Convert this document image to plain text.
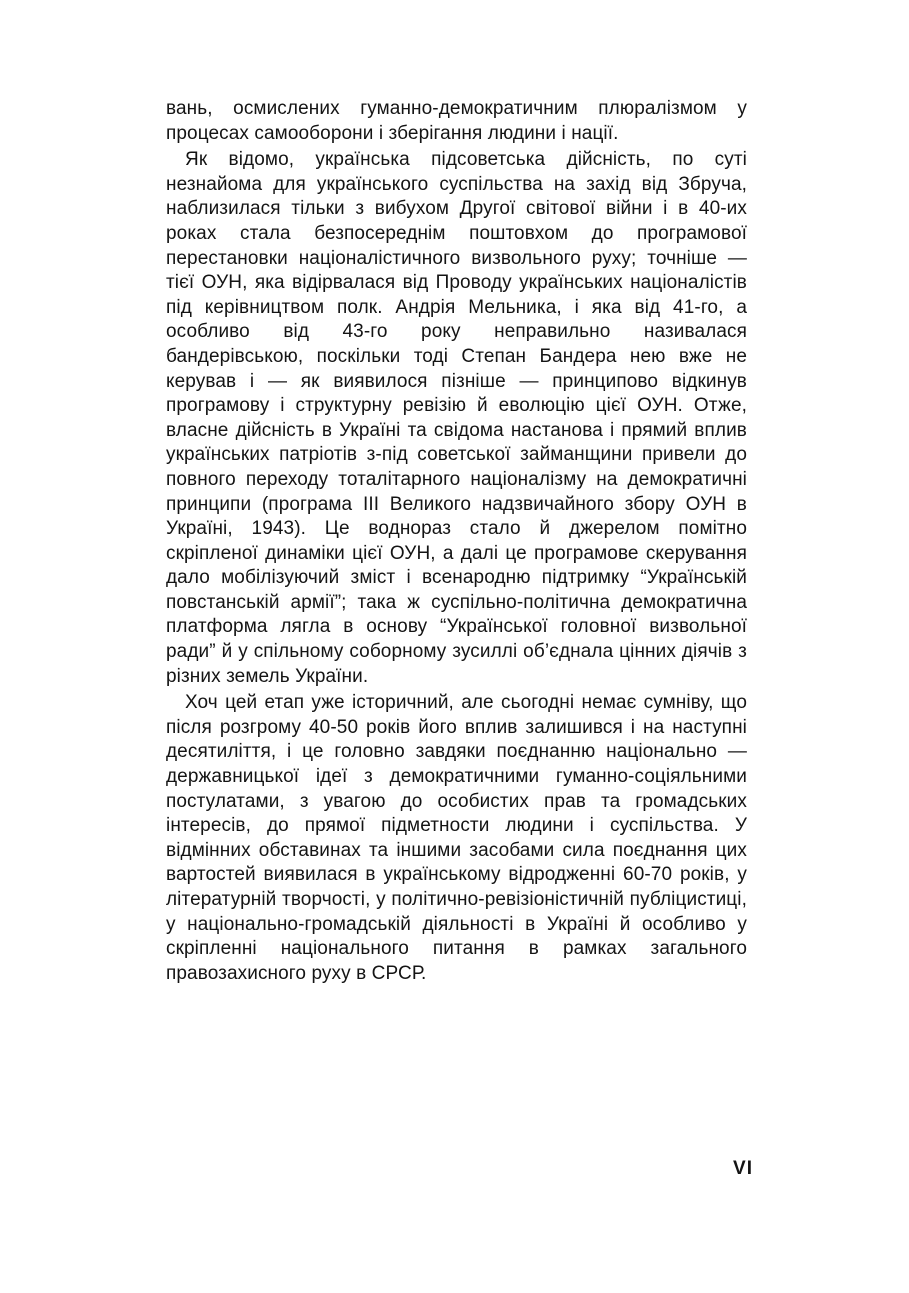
вань, осмислених гуманно-демократичним плюралізмом у процесах самооборони і зберігання людини і нації.

Як відомо, українська підсоветська дійсність, по суті незнайома для українського суспільства на захід від Збруча, наблизилася тільки з вибухом Другої світової війни і в 40-их роках стала безпосереднім поштовхом до програмової перестановки націоналістичного визвольного руху; точніше — тієї ОУН, яка відірвалася від Проводу українських націоналістів під керівництвом полк. Андрія Мельника, і яка від 41-го, а особливо від 43-го року неправильно називалася бандерівською, поскільки тоді Степан Бандера нею вже не керував і — як виявилося пізніше — принципово відкинув програмову і структурну ревізію й еволюцію цієї ОУН. Отже, власне дійсність в Україні та свідома настанова і прямий вплив українських патріотів з-під советської займанщини привели до повного переходу тоталітарного націоналізму на демократичні принципи (програма III Великого надзвичайного збору ОУН в Україні, 1943). Це водноpаз стало й джерелом помітно скріпленої динаміки цієї ОУН, а далі це програмове скерування дало мобілізуючий зміст і всенародню підтримку “Українській повстанській армії”; така ж суспільно-політична демократична платформа лягла в основу “Української головної визвольної ради” й у спільному соборному зусиллі об’єднала цінних діячів з різних земель України.

Хоч цей етап уже історичний, але сьогодні немає сумніву, що після розгрому 40-50 років його вплив залишився і на наступні десятиліття, і це головно завдяки поєднанню національно — державницької ідеї з демократичними гуманно-соціяльними постулатами, з увагою до особистих прав та громадських інтересів, до прямої підметности людини і суспільства. У відмінних обставинах та іншими засобами сила поєднання цих вартостей виявилася в українському відродженні 60-70 років, у літературній творчості, у політично-ревізіоністичній публіцистиці, у національно-громадській діяльності в Україні й особливо у скріпленні національного питання в рамках загального правозахисного руху в СРСР.

VI
